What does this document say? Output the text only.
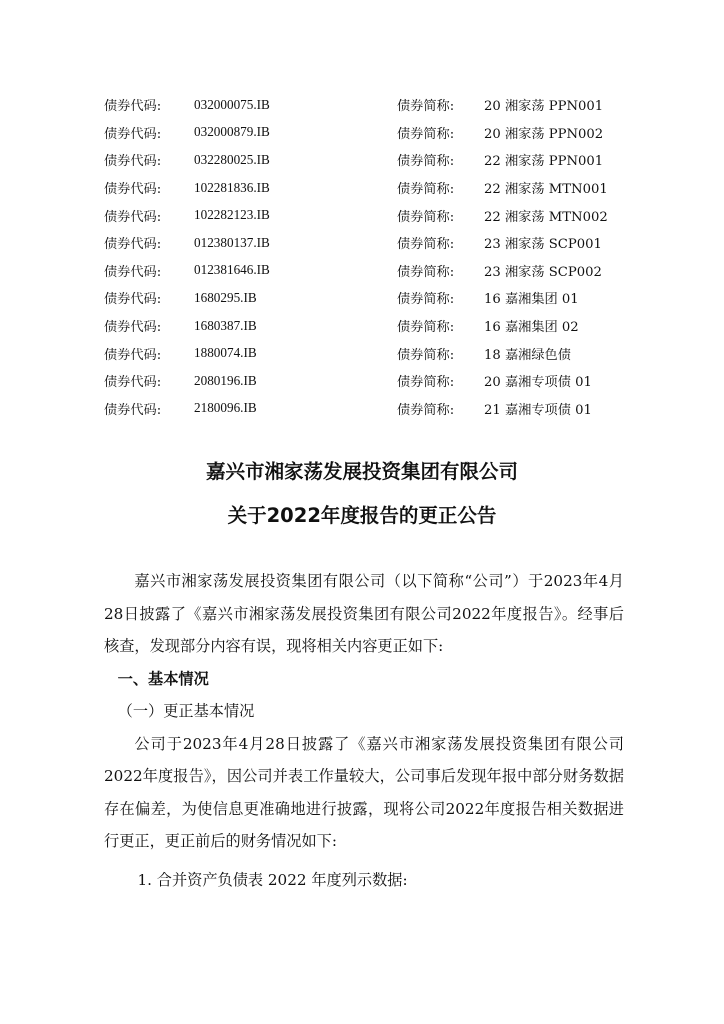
债券代码:	032000075.IB	债券简称:	20 湘家荡 PPN001
债券代码:	032000879.IB	债券简称:	20 湘家荡 PPN002
债券代码:	032280025.IB	债券简称:	22 湘家荡 PPN001
债券代码:	102281836.IB	债券简称:	22 湘家荡 MTN001
债券代码:	102282123.IB	债券简称:	22 湘家荡 MTN002
债券代码:	012380137.IB	债券简称:	23 湘家荡 SCP001
债券代码:	012381646.IB	债券简称:	23 湘家荡 SCP002
债券代码:	1680295.IB	债券简称:	16 嘉湘集团 01
债券代码:	1680387.IB	债券简称:	16 嘉湘集团 02
债券代码:	1880074.IB	债券简称:	18 嘉湘绿色债
债券代码:	2080196.IB	债券简称:	20 嘉湘专项债 01
债券代码:	2180096.IB	债券简称:	21 嘉湘专项债 01
嘉兴市湘家荡发展投资集团有限公司
关于2022年度报告的更正公告

嘉兴市湘家荡发展投资集团有限公司（以下简称“公司”）于2023年4月28日披露了《嘉兴市湘家荡发展投资集团有限公司2022年度报告》。经事后核查，发现部分内容有误，现将相关内容更正如下:

一、基本情况

（一）更正基本情况

公司于2023年4月28日披露了《嘉兴市湘家荡发展投资集团有限公司2022年度报告》，因公司并表工作量较大，公司事后发现年报中部分财务数据存在偏差，为使信息更准确地进行披露，现将公司2022年度报告相关数据进行更正，更正前后的财务情况如下:

1. 合并资产负债表 2022 年度列示数据:
